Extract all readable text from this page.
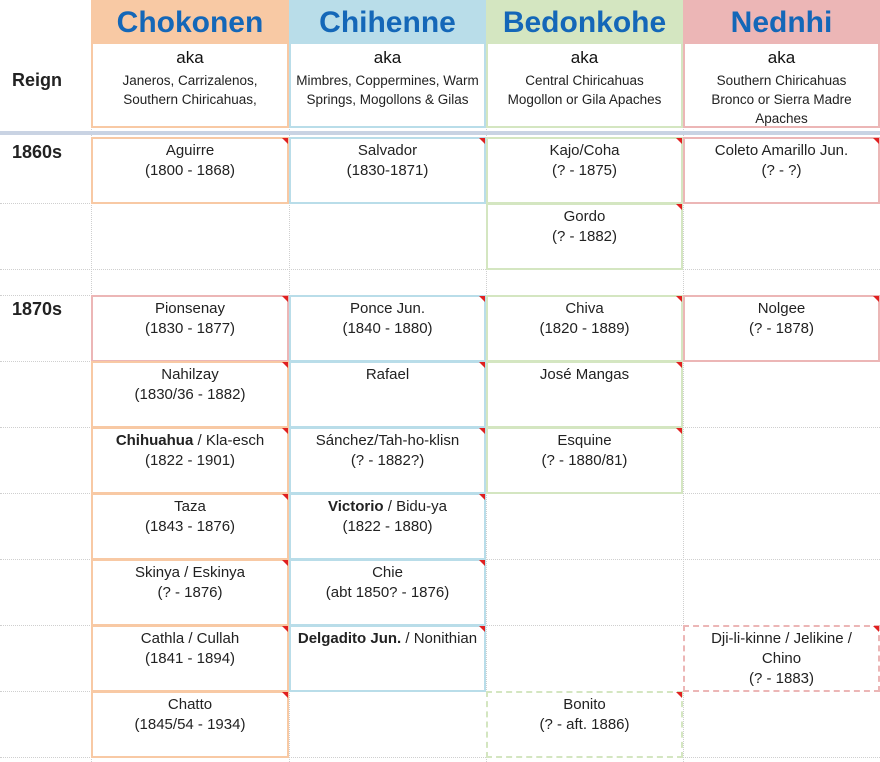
Chokonen
aka
Janeros, Carrizalenos,
Southern Chiricahuas,
Chihenne
aka
Mimbres, Coppermines, Warm
Springs, Mogollons & Gilas
Bedonkohe
aka
Central Chiricahuas
Mogollon or Gila Apaches
Nednhi
aka
Southern Chiricahuas
Bronco or Sierra Madre
Apaches
Reign
1860s
1870s
Aguirre
(1800 - 1868)
Salvador
(1830-1871)
Kajo/Coha
(? - 1875)
Coleto Amarillo Jun.
(? - ?)
Gordo
(? - 1882)
Pionsenay
(1830 - 1877)
Ponce Jun.
(1840 - 1880)
Chiva
(1820 - 1889)
Nolgee
(? - 1878)
Nahilzay
(1830/36 - 1882)
Rafael	José Mangas
Chihuahua / Kla-esch
(1822 - 1901)
Sánchez/Tah-ho-klisn
(? - 1882?)
Esquine
(? - 1880/81)
Taza
(1843 - 1876)
Victorio / Bidu-ya
(1822 - 1880)
Skinya / Eskinya
(? - 1876)
Chie
(abt 1850? - 1876)
Cathla / Cullah
(1841 - 1894)
Delgadito Jun. / Nonithian	Dji-li-kinne / Jelikine /
Chino
(? - 1883)
Chatto
(1845/54 - 1934)
Bonito
(? - aft. 1886)
